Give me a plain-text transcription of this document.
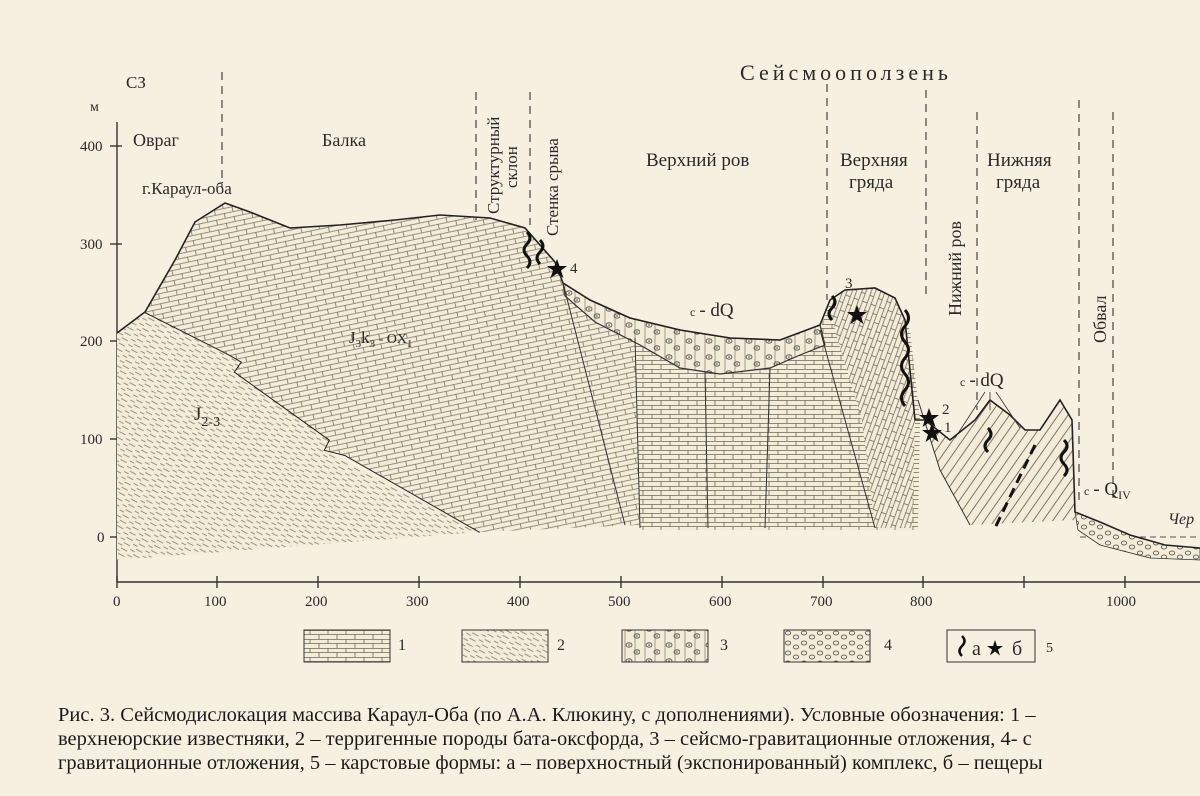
400
300
200
100
0
м
СЗ
0	100	200	300	400	500	600	700	800	1000
4
3
2
1
Сейсмооползень
Овраг	Балка	Структурный склон Стенка срыва	Верхний ров	Верхняя
гряда
Нижний ров
Нижняя
гряда
Обвал
г.Караул-оба
$J_3k_3$ $^{- OX}_1$
$J_{2-3}$
с - dQ
с - dQ
с - $Q_{IV}$
Чер
1	2	3	4	а б 5
Рис. 3. Сейсмодислокация массива Караул-Оба (по А.А. Клюкину, с дополнениями). Условные обозначения: 1 –
верхнеюрские известняки, 2 – терригенные породы бата-оксфорда, 3 – сейсмо-гравитационные отложения, 4- с
гравитационные отложения, 5 – карстовые формы: а – поверхностный (экспонированный) комплекс, б – пещеры
